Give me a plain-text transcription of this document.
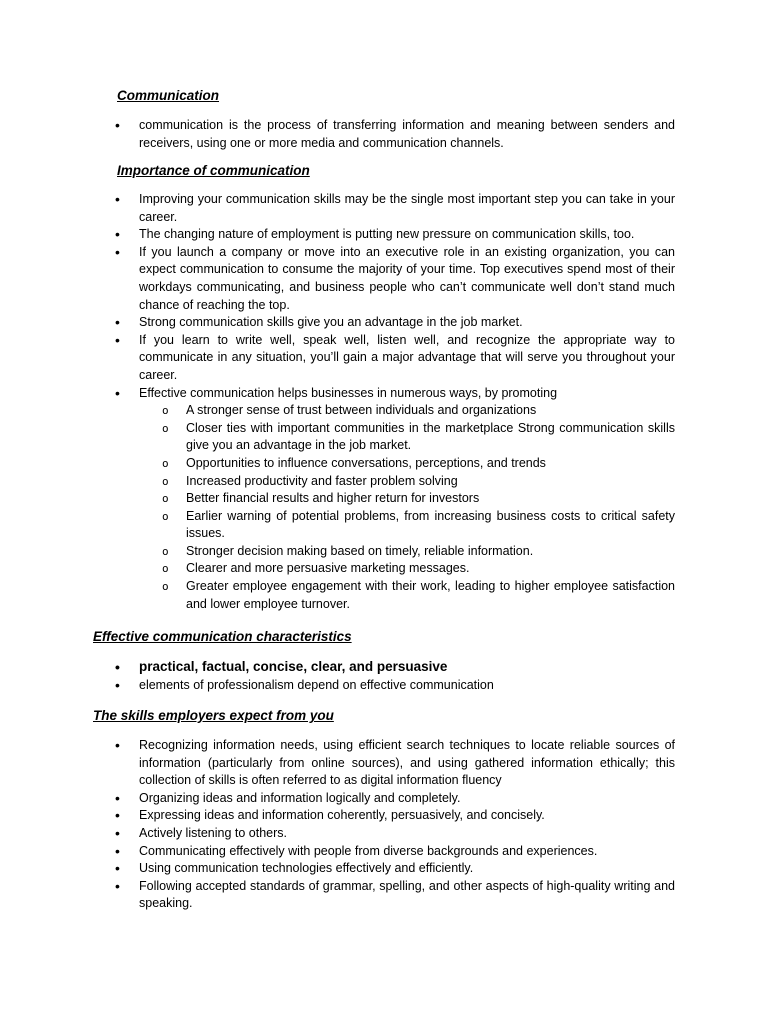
Communication
• communication is the process of transferring information and meaning between senders and receivers, using one or more media and communication channels.
Importance of communication
• Improving your communication skills may be the single most important step you can take in your career.
• The changing nature of employment is putting new pressure on communication skills, too.
• If you launch a company or move into an executive role in an existing organization, you can expect communication to consume the majority of your time. Top executives spend most of their workdays communicating, and business people who can’t communicate well don’t stand much chance of reaching the top.
• Strong communication skills give you an advantage in the job market.
• If you learn to write well, speak well, listen well, and recognize the appropriate way to communicate in any situation, you’ll gain a major advantage that will serve you throughout your career.
• Effective communication helps businesses in numerous ways, by promoting
o A stronger sense of trust between individuals and organizations
o Closer ties with important communities in the marketplace Strong communication skills give you an advantage in the job market.
o Opportunities to influence conversations, perceptions, and trends
o Increased productivity and faster problem solving
o Better financial results and higher return for investors
o Earlier warning of potential problems, from increasing business costs to critical safety issues.
o Stronger decision making based on timely, reliable information.
o Clearer and more persuasive marketing messages.
o Greater employee engagement with their work, leading to higher employee satisfaction and lower employee turnover.
Effective communication characteristics
• practical, factual, concise, clear, and persuasive
• elements of professionalism depend on effective communication
The skills employers expect from you
• Recognizing information needs, using efficient search techniques to locate reliable sources of information (particularly from online sources), and using gathered information ethically; this collection of skills is often referred to as digital information fluency
• Organizing ideas and information logically and completely.
• Expressing ideas and information coherently, persuasively, and concisely.
• Actively listening to others.
• Communicating effectively with people from diverse backgrounds and experiences.
• Using communication technologies effectively and efficiently.
• Following accepted standards of grammar, spelling, and other aspects of high-quality writing and speaking.
